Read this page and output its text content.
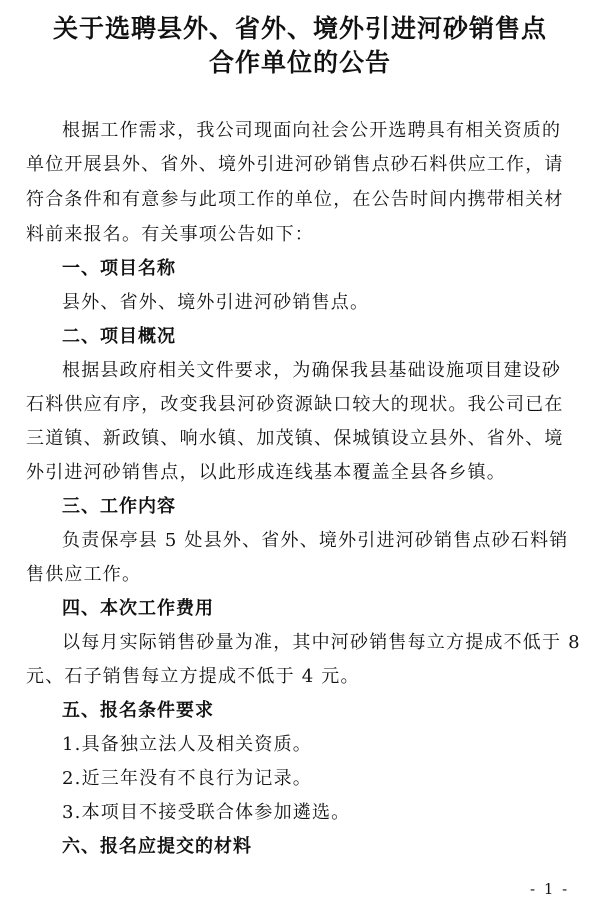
关于选聘县外、省外、境外引进河砂销售点
合作单位的公告

根据工作需求，我公司现面向社会公开选聘具有相关资质的

单位开展县外、省外、境外引进河砂销售点砂石料供应工作，请

符合条件和有意参与此项工作的单位，在公告时间内携带相关材

料前来报名。有关事项公告如下：

一、项目名称

县外、省外、境外引进河砂销售点。

二、项目概况

根据县政府相关文件要求，为确保我县基础设施项目建设砂

石料供应有序，改变我县河砂资源缺口较大的现状。我公司已在

三道镇、新政镇、响水镇、加茂镇、保城镇设立县外、省外、境

外引进河砂销售点，以此形成连线基本覆盖全县各乡镇。

三、工作内容

负责保亭县 5 处县外、省外、境外引进河砂销售点砂石料销

售供应工作。

四、本次工作费用

以每月实际销售砂量为准，其中河砂销售每立方提成不低于 8

元、石子销售每立方提成不低于 4 元。

五、报名条件要求

1.具备独立法人及相关资质。

2.近三年没有不良行为记录。

3.本项目不接受联合体参加遴选。

六、报名应提交的材料

- 1 -
